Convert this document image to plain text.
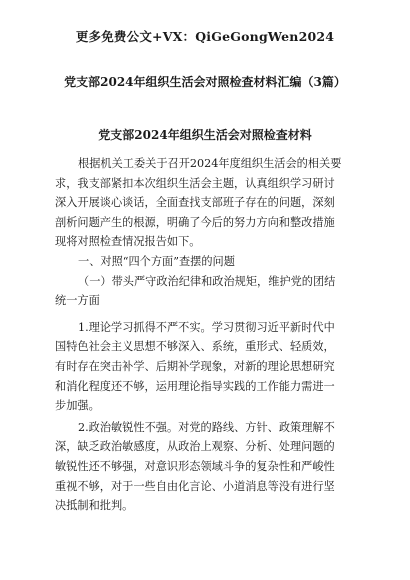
更多免费公文+VX：QiGeGongWen2024
党支部2024年组织生活会对照检查材料汇编（3篇）
党支部2024年组织生活会对照检查材料
根据机关工委关于召开2024年度组织生活会的相关要
求，我支部紧扣本次组织生活会主题，认真组织学习研讨
深入开展谈心谈话，全面查找支部班子存在的问题，深刻
剖析问题产生的根源，明确了今后的努力方向和整改措施
现将对照检查情况报告如下。
一、对照“四个方面”查摆的问题
（一）带头严守政治纪律和政治规矩，维护党的团结
统一方面
1.理论学习抓得不严不实。学习贯彻习近平新时代中
国特色社会主义思想不够深入、系统，重形式、轻质效，
有时存在突击补学、后期补学现象，对新的理论思想研究
和消化程度还不够，运用理论指导实践的工作能力需进一
步加强。
2.政治敏锐性不强。对党的路线、方针、政策理解不
深，缺乏政治敏感度，从政治上观察、分析、处理问题的
敏锐性还不够强，对意识形态领域斗争的复杂性和严峻性
重视不够，对于一些自由化言论、小道消息等没有进行坚
决抵制和批判。
